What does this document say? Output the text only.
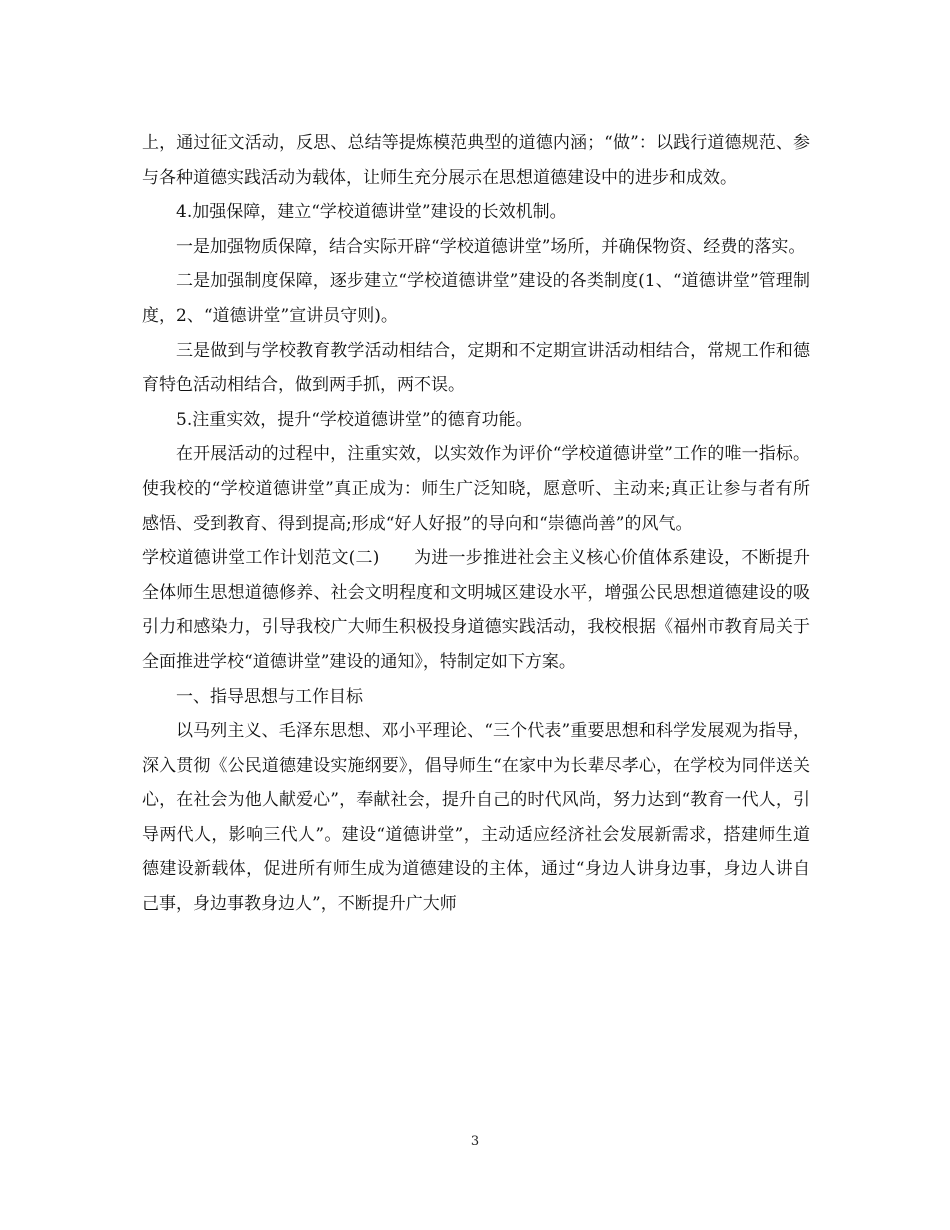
上，通过征文活动，反思、总结等提炼模范典型的道德内涵；“做”：以践行道德规范、参与各种道德实践活动为载体，让师生充分展示在思想道德建设中的进步和成效。

4.加强保障，建立“学校道德讲堂”建设的长效机制。

一是加强物质保障，结合实际开辟“学校道德讲堂”场所，并确保物资、经费的落实。

二是加强制度保障，逐步建立“学校道德讲堂”建设的各类制度(1、“道德讲堂”管理制度，2、“道德讲堂”宣讲员守则)。

三是做到与学校教育教学活动相结合，定期和不定期宣讲活动相结合，常规工作和德育特色活动相结合，做到两手抓，两不误。

5.注重实效，提升“学校道德讲堂”的德育功能。

在开展活动的过程中，注重实效，以实效作为评价“学校道德讲堂”工作的唯一指标。使我校的“学校道德讲堂”真正成为：师生广泛知晓，愿意听、主动来;真正让参与者有所感悟、受到教育、得到提高;形成“好人好报”的导向和“崇德尚善”的风气。

学校道德讲堂工作计划范文(二)　　为进一步推进社会主义核心价值体系建设，不断提升全体师生思想道德修养、社会文明程度和文明城区建设水平，增强公民思想道德建设的吸引力和感染力，引导我校广大师生积极投身道德实践活动，我校根据《福州市教育局关于全面推进学校“道德讲堂”建设的通知》，特制定如下方案。

一、指导思想与工作目标

以马列主义、毛泽东思想、邓小平理论、“三个代表”重要思想和科学发展观为指导，深入贯彻《公民道德建设实施纲要》，倡导师生“在家中为长辈尽孝心，在学校为同伴送关心，在社会为他人献爱心”，奉献社会，提升自己的时代风尚，努力达到“教育一代人，引导两代人，影响三代人”。建设“道德讲堂”，主动适应经济社会发展新需求，搭建师生道德建设新载体，促进所有师生成为道德建设的主体，通过“身边人讲身边事，身边人讲自己事，身边事教身边人”，不断提升广大师

3
